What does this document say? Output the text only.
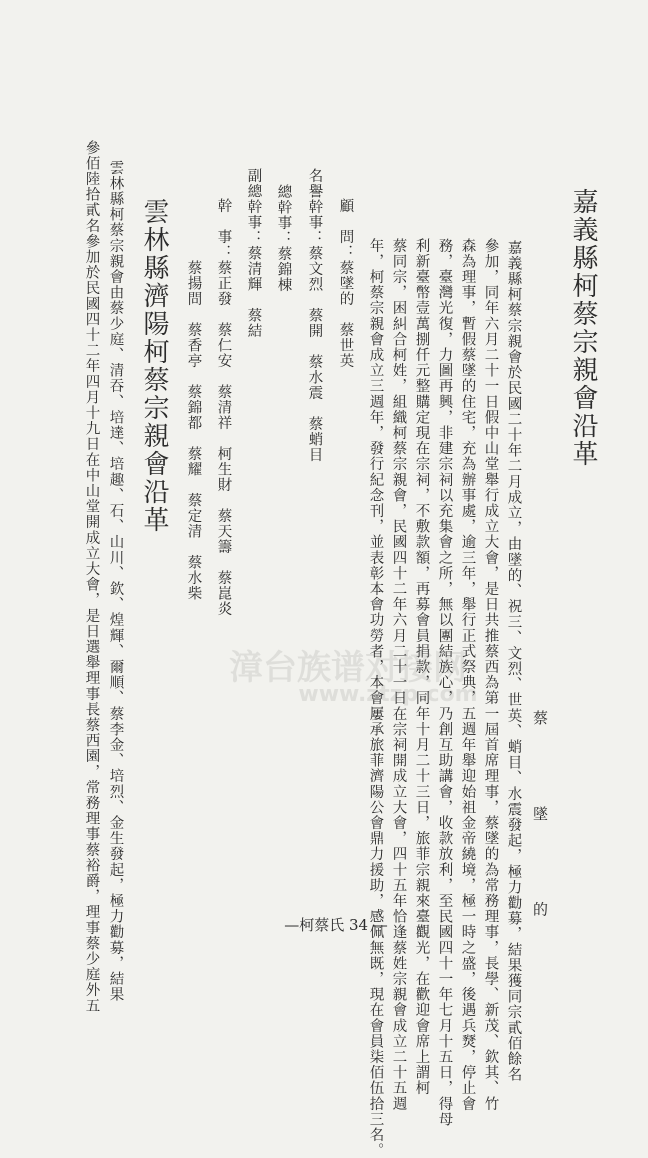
嘉義縣柯蔡宗親會沿革
蔡 墜 的
嘉義縣柯蔡宗親會於民國二十年二月成立，由墜的、祝三、文烈、世英、蛸目、水震發起，極力勸募，結果獲同宗貳佰餘名
參加，同年六月二十一日假中山堂舉行成立大會，是日共推蔡西為第一屆首席理事，蔡墜的為常務理事，長學、新茂、欽其、竹
森為理事，暫假蔡墜的住宅，充為辦事處，逾三年，舉行正式祭典，五週年舉迎始祖金帝繞境，極一時之盛，後遇兵燹，停止會
務，臺灣光復，力圖再興，非建宗祠以充集會之所，無以團結族心，乃創互助講會，收款放利，至民國四十一年七月十五日，得母
利新臺幣壹萬捌仟元整購定現在宗祠，不敷款額，再募會員捐款，同年十月二十三日，旅菲宗親來臺觀光，在歡迎會席上謂柯
蔡同宗，困糾合柯姓，組織柯蔡宗親會，民國四十二年六月二十一日在宗祠開成立大會，四十五年恰逢蔡姓宗親會成立二十五週
年，柯蔡宗親會成立三週年，發行紀念刊，並表彰本會功勞者，本會屢承旅菲濟陽公會鼎力援助，感佩無既，現在會員柒佰伍拾三名。
顧　問：蔡墜的　蔡世英
名譽幹事：蔡文烈　蔡開　蔡水震　蔡蛸目
總幹事：蔡錦棟
副總幹事：蔡清輝　蔡結
幹　事：蔡正發　蔡仁安　蔡清祥　柯生財　蔡天籌　蔡崑炎
　　　　蔡揚問　蔡香亭　蔡錦都　蔡耀　蔡定清　蔡水柴
雲林縣濟陽柯蔡宗親會沿革
雲林縣柯蔡宗親會由蔡少庭、清吞、培達、培趣、石、山川、欽、煌輝、爾順、蔡李金、培烈、金生發起，極力勸募，結果
參佰陸拾貳名參加於民國四十二年四月十九日在中山堂開成立大會，是日選舉理事長蔡西園，常務理事蔡裕爵，理事蔡少庭外五	漳台族谱对接网
www.ztzp.com
—柯蔡氏 34 —
